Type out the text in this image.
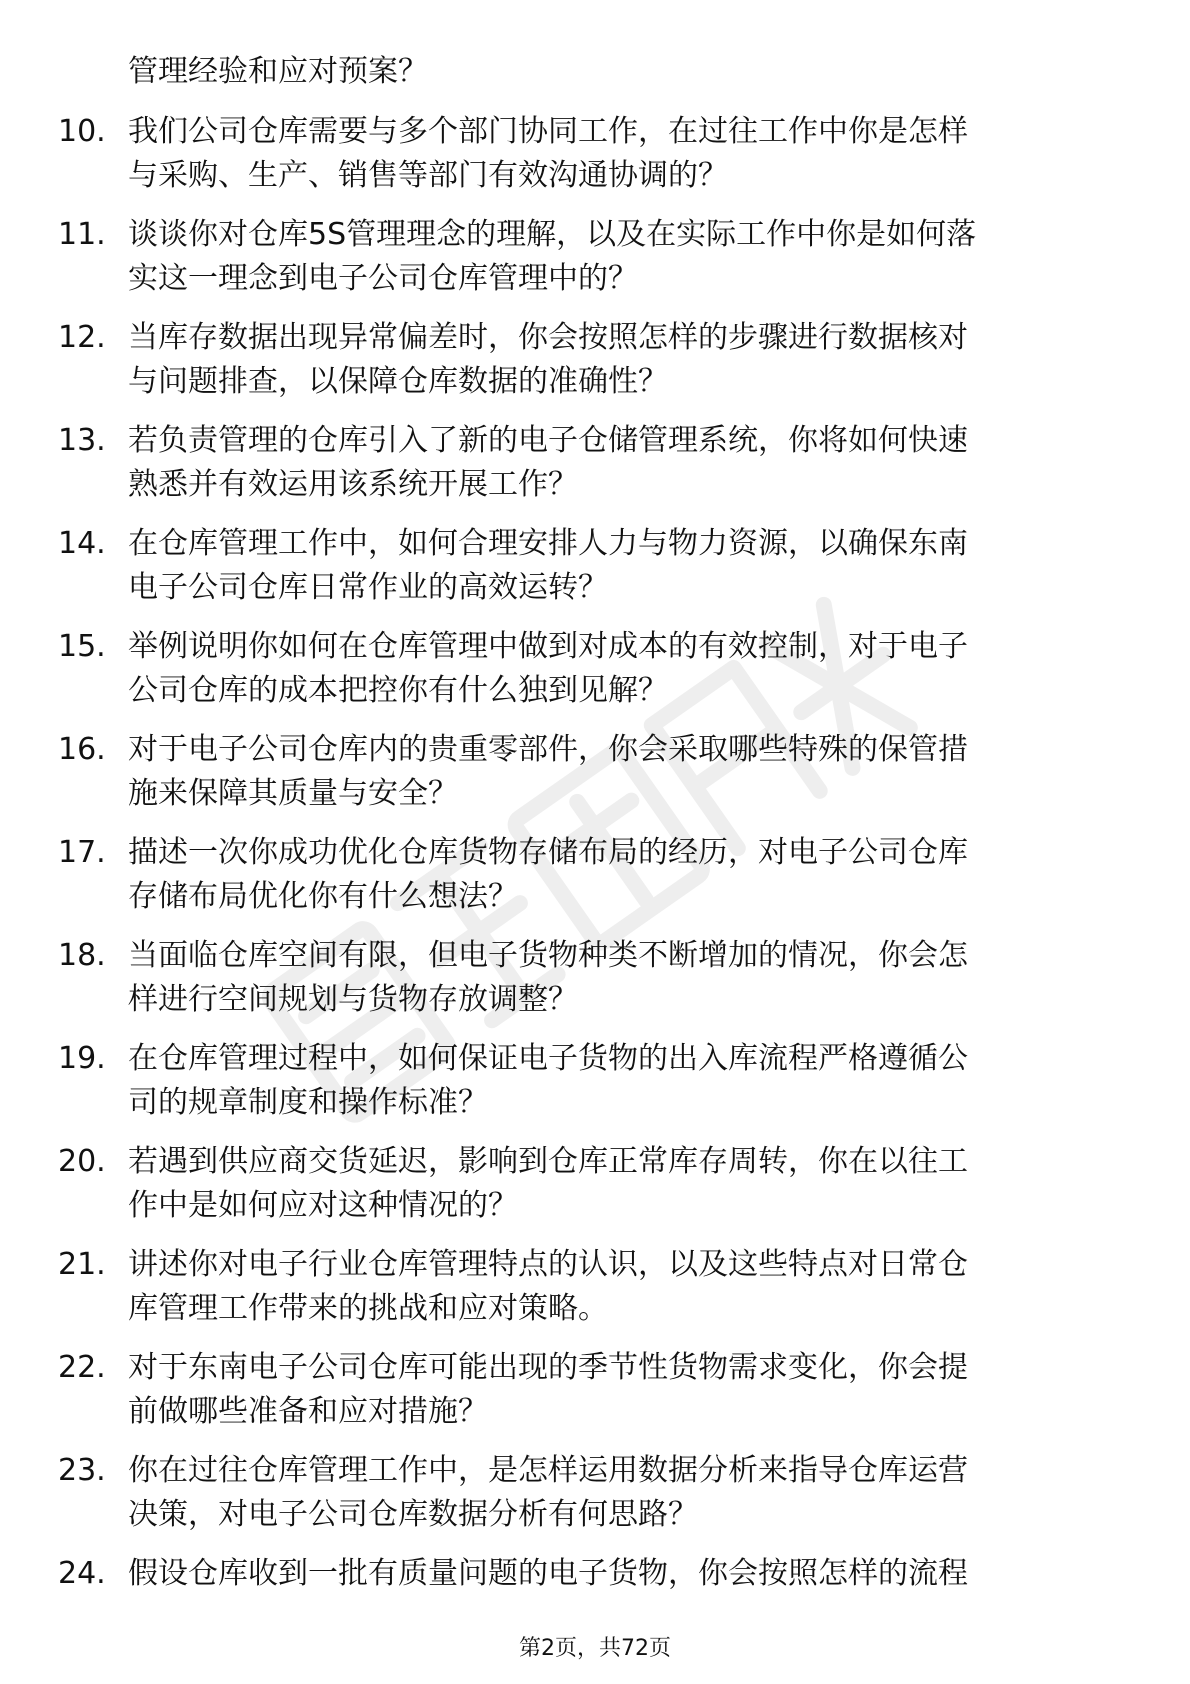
管理经验和应对预案？
10. 我们公司仓库需要与多个部门协同工作，在过往工作中你是怎样
与采购、生产、销售等部门有效沟通协调的？
11. 谈谈你对仓库5S管理理念的理解，以及在实际工作中你是如何落
实这一理念到电子公司仓库管理中的？
12. 当库存数据出现异常偏差时，你会按照怎样的步骤进行数据核对
与问题排查，以保障仓库数据的准确性？
13. 若负责管理的仓库引入了新的电子仓储管理系统，你将如何快速
熟悉并有效运用该系统开展工作？
14. 在仓库管理工作中，如何合理安排人力与物力资源，以确保东南
电子公司仓库日常作业的高效运转？
15. 举例说明你如何在仓库管理中做到对成本的有效控制，对于电子
公司仓库的成本把控你有什么独到见解？
16. 对于电子公司仓库内的贵重零部件，你会采取哪些特殊的保管措
施来保障其质量与安全？
17. 描述一次你成功优化仓库货物存储布局的经历，对电子公司仓库
存储布局优化你有什么想法？
18. 当面临仓库空间有限，但电子货物种类不断增加的情况，你会怎
样进行空间规划与货物存放调整？
19. 在仓库管理过程中，如何保证电子货物的出入库流程严格遵循公
司的规章制度和操作标准？
20. 若遇到供应商交货延迟，影响到仓库正常库存周转，你在以往工
作中是如何应对这种情况的？
21. 讲述你对电子行业仓库管理特点的认识，以及这些特点对日常仓
库管理工作带来的挑战和应对策略。
22. 对于东南电子公司仓库可能出现的季节性货物需求变化，你会提
前做哪些准备和应对措施？
23. 你在过往仓库管理工作中，是怎样运用数据分析来指导仓库运营
决策，对电子公司仓库数据分析有何思路？
24. 假设仓库收到一批有质量问题的电子货物，你会按照怎样的流程
第2页，共72页
